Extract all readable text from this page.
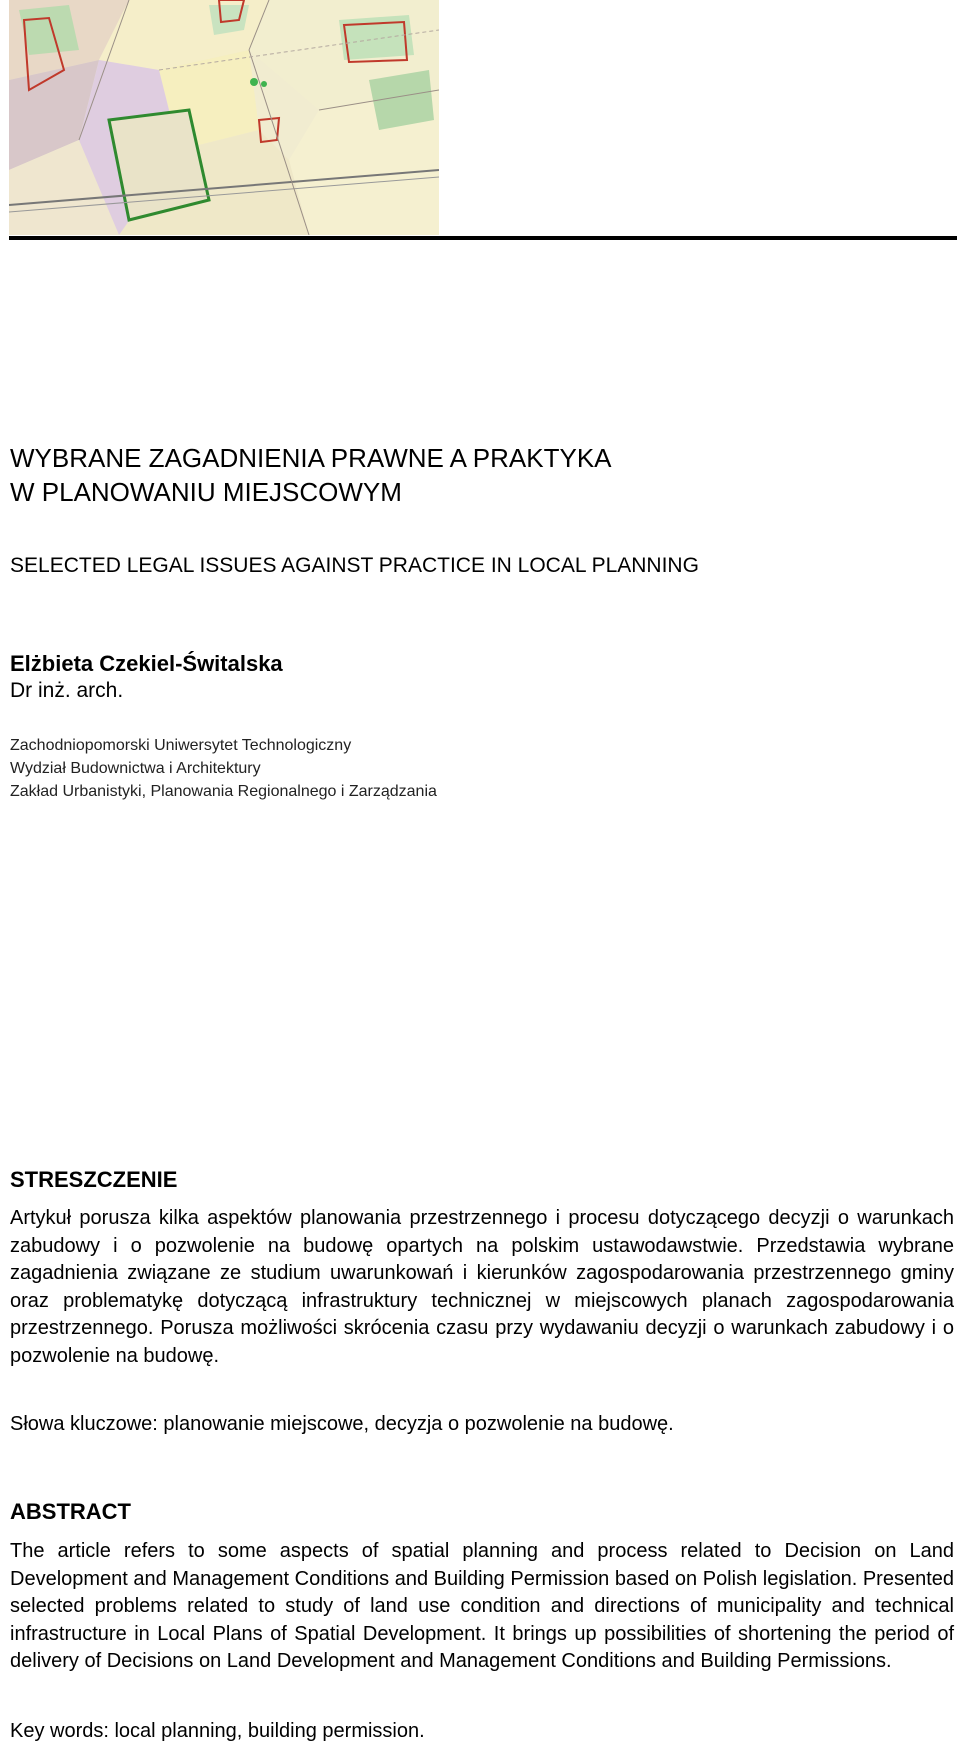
WYBRANE ZAGADNIENIA PRAWNE A PRAKTYKA
W PLANOWANIU MIEJSCOWYM
SELECTED LEGAL ISSUES AGAINST PRACTICE IN LOCAL PLANNING
Elżbieta Czekiel-Świtalska
Dr inż. arch.
Zachodniopomorski Uniwersytet Technologiczny
Wydział Budownictwa i Architektury
Zakład Urbanistyki, Planowania Regionalnego i Zarządzania
STRESZCZENIE

Artykuł porusza kilka aspektów planowania przestrzennego i procesu dotyczącego decyzji o warunkach zabudowy i o pozwolenie na budowę opartych na polskim ustawodawstwie. Przedstawia wybrane zagadnienia związane ze studium uwarunkowań i kierunków zagospodarowania przestrzennego gminy oraz problematykę dotyczącą infrastruktury technicznej w miejscowych planach zagospodarowania przestrzennego. Porusza możliwości skrócenia czasu przy wydawaniu decyzji o warunkach zabudowy i o pozwolenie na budowę.

Słowa kluczowe: planowanie miejscowe, decyzja o pozwolenie na budowę.
ABSTRACT

The article refers to some aspects of spatial planning and process related to Decision on Land Development and Management Conditions and Building Permission based on Polish legislation. Presented selected problems related to study of land use condition and directions of municipality and technical infrastructure in Local Plans of Spatial Development. It brings up possibilities of shortening the period of delivery of Decisions on Land Development and Management Conditions and Building Permissions.

Key words: local planning, building permission.
